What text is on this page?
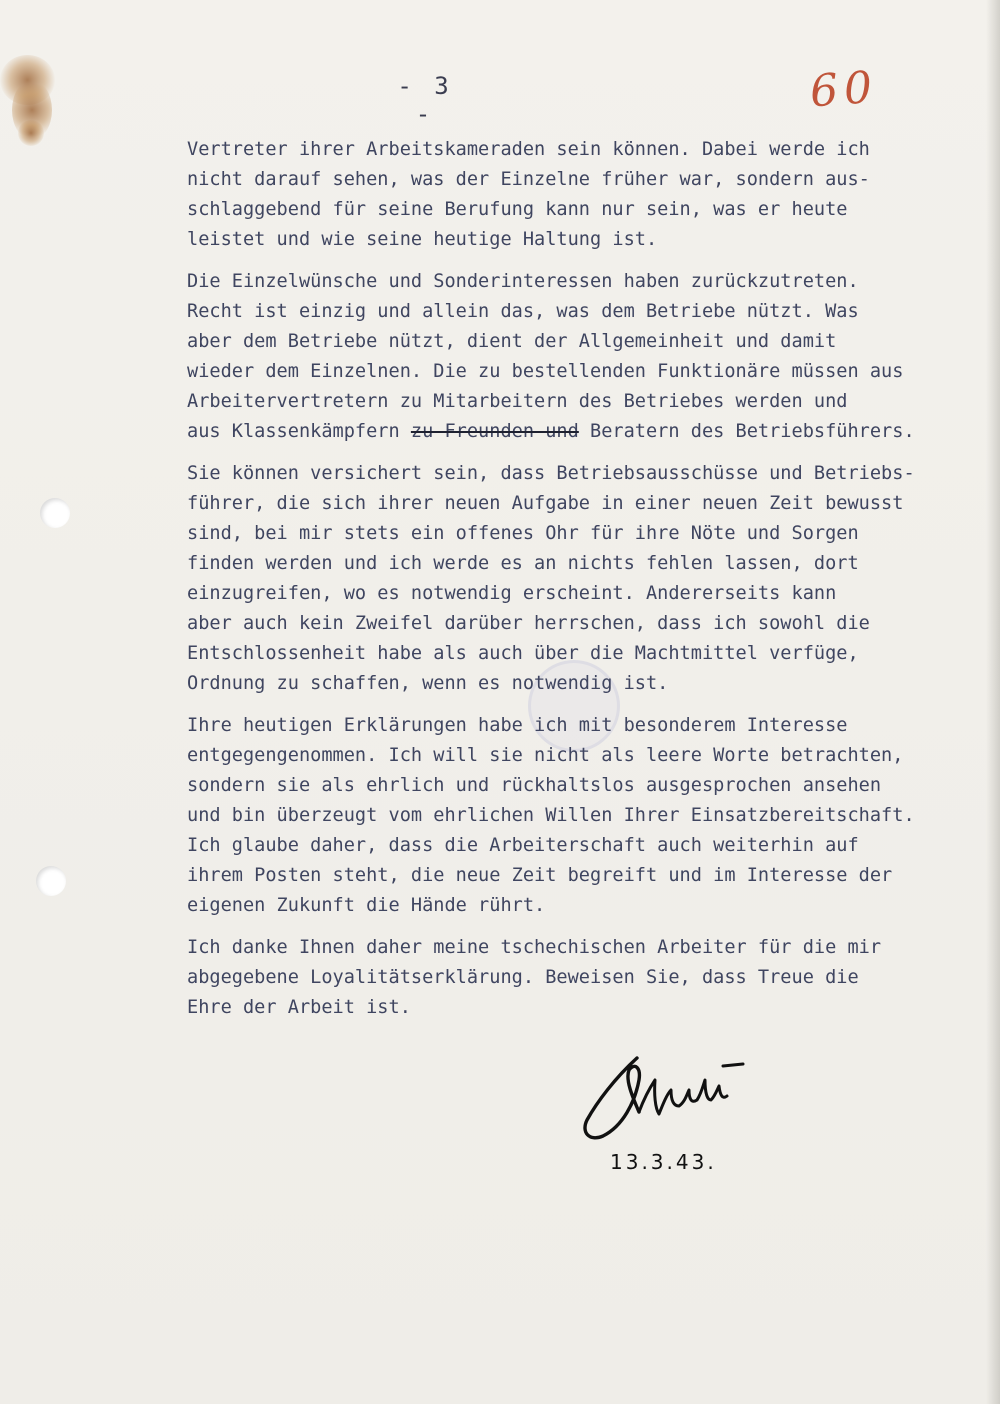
- 3 -	60

Vertreter ihrer Arbeitskameraden sein können. Dabei werde ich
nicht darauf sehen, was der Einzelne früher war, sondern aus-
schlaggebend für seine Berufung kann nur sein, was er heute
leistet und wie seine heutige Haltung ist.

Die Einzelwünsche und Sonderinteressen haben zurückzutreten.
Recht ist einzig und allein das, was dem Betriebe nützt. Was
aber dem Betriebe nützt, dient der Allgemeinheit und damit
wieder dem Einzelnen. Die zu bestellenden Funktionäre müssen aus
Arbeitervertretern zu Mitarbeitern des Betriebes werden und
aus Klassenkämpfern zu Freunden und Beratern des Betriebsführers.

Sie können versichert sein, dass Betriebsausschüsse und Betriebs-
führer, die sich ihrer neuen Aufgabe in einer neuen Zeit bewusst
sind, bei mir stets ein offenes Ohr für ihre Nöte und Sorgen
finden werden und ich werde es an nichts fehlen lassen, dort
einzugreifen, wo es notwendig erscheint. Andererseits kann
aber auch kein Zweifel darüber herrschen, dass ich sowohl die
Entschlossenheit habe als auch über die Machtmittel verfüge,
Ordnung zu schaffen, wenn es notwendig ist.

Ihre heutigen Erklärungen habe ich mit besonderem Interesse
entgegengenommen. Ich will sie nicht als leere Worte betrachten,
sondern sie als ehrlich und rückhaltslos ausgesprochen ansehen
und bin überzeugt vom ehrlichen Willen Ihrer Einsatzbereitschaft.
Ich glaube daher, dass die Arbeiterschaft auch weiterhin auf
ihrem Posten steht, die neue Zeit begreift und im Interesse der
eigenen Zukunft die Hände rührt.

Ich danke Ihnen daher meine tschechischen Arbeiter für die mir
abgegebene Loyalitätserklärung. Beweisen Sie, dass Treue die
Ehre der Arbeit ist.

13.3.43.
